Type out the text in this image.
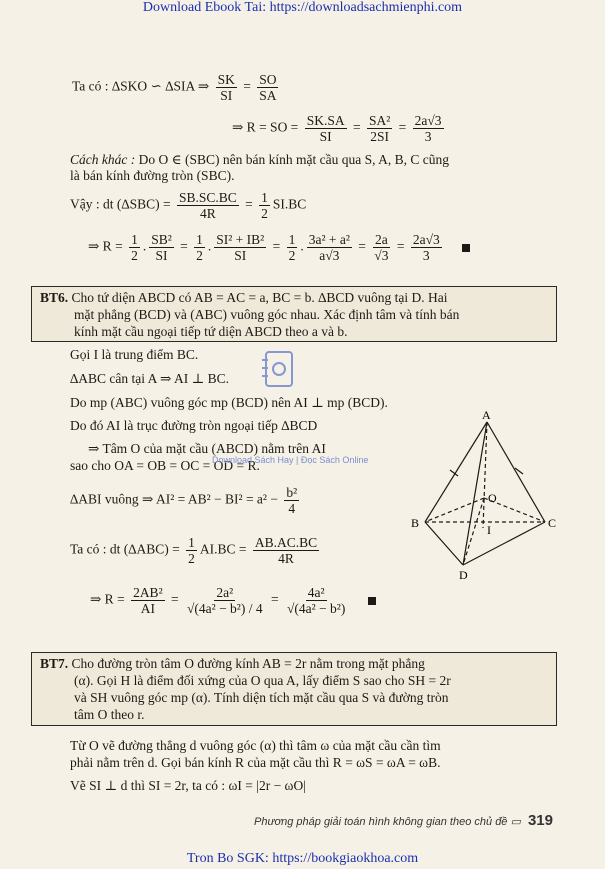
Download Ebook Tai: https://downloadsachmienphi.com
Ta có : ∆SKO ∽ ∆SIA ⇒ $\frac{SK}{SI} = \frac{SO}{SA}$
⇒ R = SO = $\frac{SK.SA}{SI} = \frac{\text{SA²}}{2SI} = \frac{2a√3}{3}$
Cách khác : Do O ∈ (SBC) nên bán kính mặt cầu qua S, A, B, C cũng
là bán kính đường tròn (SBC).
Vậy : dt $(\Delta SBC) = \frac{SB.SC.BC}{4R} = \frac{1}{2} SI.BC$
⇒ $R = \frac{1}{2}$ . $\frac{\text{SB²}}{SI} = \frac{1}{2}$ . $\frac{\text{SI² + IB²}}{SI} = \frac{1}{2}$ . $\frac{\text{3a² + a²}}{a√3} = \frac{2a}{√3} = \frac{2a√3}{3}$

BT6. Cho tứ diện ABCD có AB = AC = a, BC = b. ∆BCD vuông tại D. Hai
mặt phẳng (BCD) và (ABC) vuông góc nhau. Xác định tâm và tính bán
kính mặt cầu ngoại tiếp tứ diện ABCD theo a và b.
Gọi I là trung điểm BC.
∆ABC cân tại A ⇒ AI ⊥ BC.
Do mp (ABC) vuông góc mp (BCD) nên AI ⊥ mp (BCD).
Do đó AI là trục đường tròn ngoại tiếp ∆BCD
⇒ Tâm O của mặt cầu (ABCD) nằm trên AI
sao cho OA = OB = OC = OD = R.
Download Sách Hay | Đọc Sách Online
∆ABI vuông ⇒ $AI^2 = AB^2 - BI^2 = a^2 - \frac{\text{b²}}{4}$
Ta có : dt $(\Delta ABC) = \frac{1}{2} AI.BC = \frac{AB.AC.BC}{4R}$
⇒ $R = \frac{\text{2AB²}}{AI} = \frac{\text{2a²}}{\text{√(4a² − b²) / 4}} = \frac{\text{4a²}}{\text{√(4a² − b²)}}$

A
B	C
D
O
I
BT7. Cho đường tròn tâm O đường kính AB = 2r nằm trong mặt phẳng
(α). Gọi H là điểm đối xứng của O qua A, lấy điểm S sao cho SH = 2r
và SH vuông góc mp (α). Tính diện tích mặt cầu qua S và đường tròn
tâm O theo r.
Từ O vẽ đường thẳng d vuông góc (α) thì tâm ω của mặt cầu cần tìm
phải nằm trên d. Gọi bán kính R của mặt cầu thì R = ωS = ωA = ωB.
Vẽ SI ⊥ d thì SI = 2r, ta có : ωI = |2r − ωO|
Phương pháp giải toán hình không gian theo chủ đề ▭ 319
Tron Bo SGK: https://bookgiaokhoa.com
